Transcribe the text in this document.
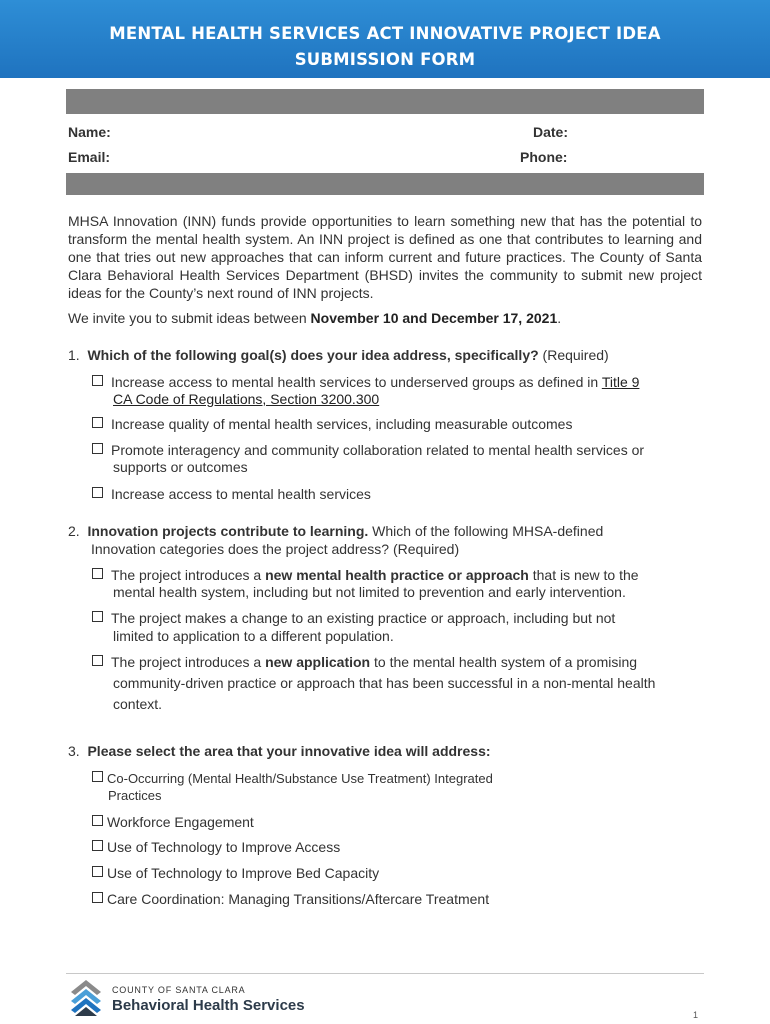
MENTAL HEALTH SERVICES ACT INNOVATIVE PROJECT IDEA
SUBMISSION FORM
Name:	Date:
Email:	Phone:
MHSA Innovation (INN) funds provide opportunities to learn something new that has the potential to transform the mental health system. An INN project is defined as one that contributes to learning and one that tries out new approaches that can inform current and future practices. The County of Santa Clara Behavioral Health Services Department (BHSD) invites the community to submit new project ideas for the County’s next round of INN projects.
We invite you to submit ideas between November 10 and December 17, 2021.
1. Which of the following goal(s) does your idea address, specifically? (Required)
Increase access to mental health services to underserved groups as defined in Title 9
CA Code of Regulations, Section 3200.300
Increase quality of mental health services, including measurable outcomes
Promote interagency and community collaboration related to mental health services or
supports or outcomes
Increase access to mental health services
2. Innovation projects contribute to learning. Which of the following MHSA-defined
Innovation categories does the project address? (Required)
The project introduces a new mental health practice or approach that is new to the
mental health system, including but not limited to prevention and early intervention.
The project makes a change to an existing practice or approach, including but not
limited to application to a different population.
The project introduces a new application to the mental health system of a promising
community-driven practice or approach that has been successful in a non-mental health
context.
3. Please select the area that your innovative idea will address:
Co-Occurring (Mental Health/Substance Use Treatment) Integrated
Practices
Workforce Engagement
Use of Technology to Improve Access
Use of Technology to Improve Bed Capacity
Care Coordination: Managing Transitions/Aftercare Treatment
COUNTY OF SANTA CLARA
Behavioral Health Services
1
